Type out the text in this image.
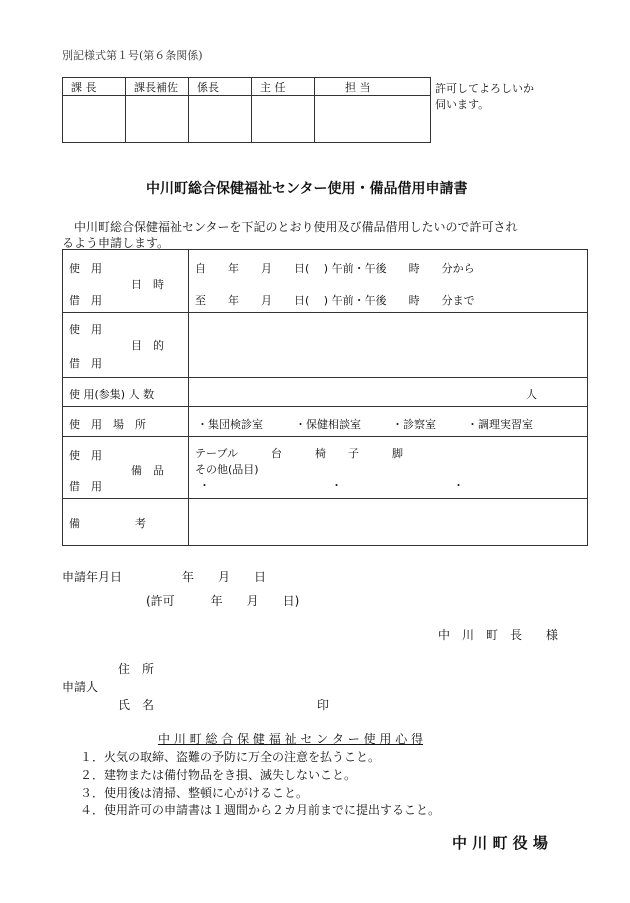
別記様式第１号(第６条関係)
課 長	課長補佐	係長	主 任	担 当
					許可してよろしいか
伺います。
中川町総合保健福祉センター使用・備品借用申請書
中川町総合保健福祉センターを下記のとおり使用及び備品借用したいので許可され
るよう申請します。
使　用
日　時
借　用	自　　年　　月　　日(　 ) 午前・午後　　時　　分から
至　　年　　月　　日(　 ) 午前・午後　　時　　分まで

使　用
目　的
借　用	

使 用(参集) 人 数	人

使　用　場　所	・集団検診室 ・保健相談室 ・診察室 ・調理実習室

使　用
備　品
借　用	テーブル　　　台　　　椅　　子　　　脚
その他(品目)
・ ・ ・

備　　　　　考	

申請年月日　　　　　年　　月　　日
(許可　　　年　　月　　日)
中　川　町　長　　様
住　所
申請人
氏　名	印
中 川 町 総 合 保 健 福 祉 セ ン タ ー 使 用 心 得
１．火気の取締、盗難の予防に万全の注意を払うこと。
２．建物または備付物品をき損、滅失しないこと。
３．使用後は清掃、整頓に心がけること。
４．使用許可の申請書は１週間から２カ月前までに提出すること。
中 川 町 役 場
